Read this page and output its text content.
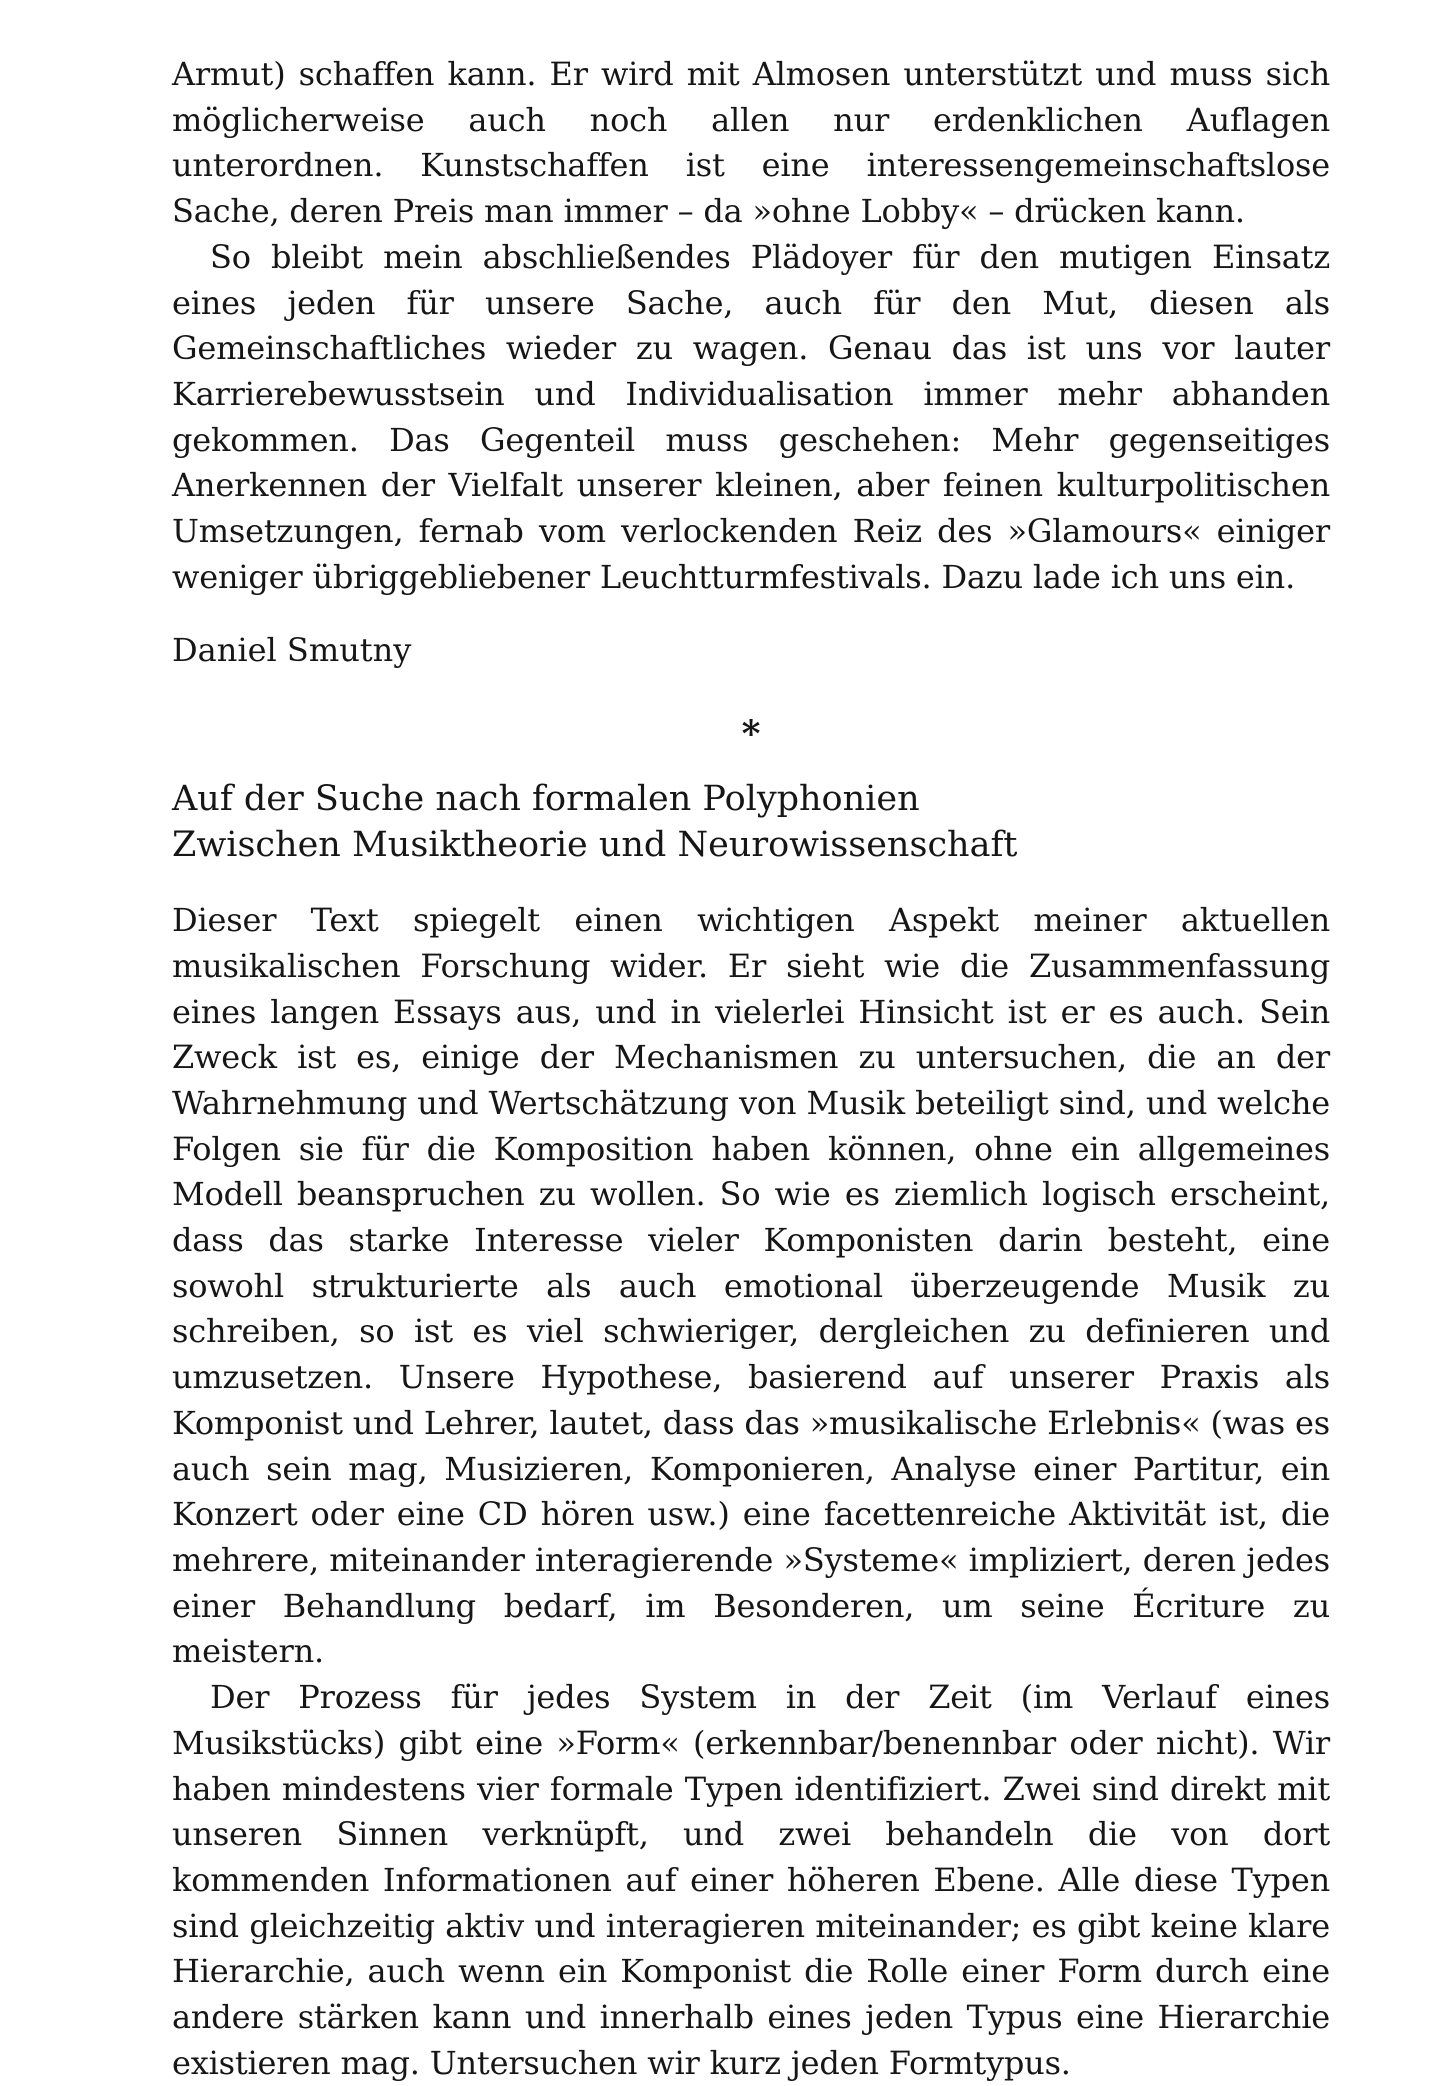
Armut) schaffen kann. Er wird mit Almosen unterstützt und muss sich möglicherweise auch noch allen nur erdenklichen Auflagen unterordnen. Kunstschaffen ist eine interessengemeinschaftslose Sache, deren Preis man immer – da »ohne Lobby« – drücken kann.

So bleibt mein abschließendes Plädoyer für den mutigen Einsatz eines jeden für unsere Sache, auch für den Mut, diesen als Gemeinschaftliches wieder zu wagen. Genau das ist uns vor lauter Karrierebewusstsein und Individualisation immer mehr abhanden gekommen. Das Gegenteil muss geschehen: Mehr gegenseitiges Anerkennen der Vielfalt unserer kleinen, aber feinen kulturpolitischen Umsetzungen, fernab vom verlockenden Reiz des »Glamours« einiger weniger übriggebliebener Leuchtturmfestivals. Dazu lade ich uns ein.

Daniel Smutny

*
Auf der Suche nach formalen Polyphonien
Zwischen Musiktheorie und Neurowissenschaft

Dieser Text spiegelt einen wichtigen Aspekt meiner aktuellen musikalischen Forschung wider. Er sieht wie die Zusammenfassung eines langen Essays aus, und in vielerlei Hinsicht ist er es auch. Sein Zweck ist es, einige der Mechanismen zu untersuchen, die an der Wahrnehmung und Wertschätzung von Musik beteiligt sind, und welche Folgen sie für die Komposition haben können, ohne ein allgemeines Modell beanspruchen zu wollen. So wie es ziemlich logisch erscheint, dass das starke Interesse vieler Komponisten darin besteht, eine sowohl strukturierte als auch emotional überzeugende Musik zu schreiben, so ist es viel schwieriger, dergleichen zu definieren und umzusetzen. Unsere Hypothese, basierend auf unserer Praxis als Komponist und Lehrer, lautet, dass das »musikalische Erlebnis« (was es auch sein mag, Musizieren, Komponieren, Analyse einer Partitur, ein Konzert oder eine CD hören usw.) eine facettenreiche Aktivität ist, die mehrere, miteinander interagierende »Systeme« impliziert, deren jedes einer Behandlung bedarf, im Besonderen, um seine Écriture zu meistern.

Der Prozess für jedes System in der Zeit (im Verlauf eines Musikstücks) gibt eine »Form« (erkennbar/benennbar oder nicht). Wir haben mindestens vier formale Typen identifiziert. Zwei sind direkt mit unseren Sinnen verknüpft, und zwei behandeln die von dort kommenden Informationen auf einer höheren Ebene. Alle diese Typen sind gleichzeitig aktiv und interagieren miteinander; es gibt keine klare Hierarchie, auch wenn ein Komponist die Rolle einer Form durch eine andere stärken kann und innerhalb eines jeden Typus eine Hierarchie existieren mag. Untersuchen wir kurz jeden Formtypus.
